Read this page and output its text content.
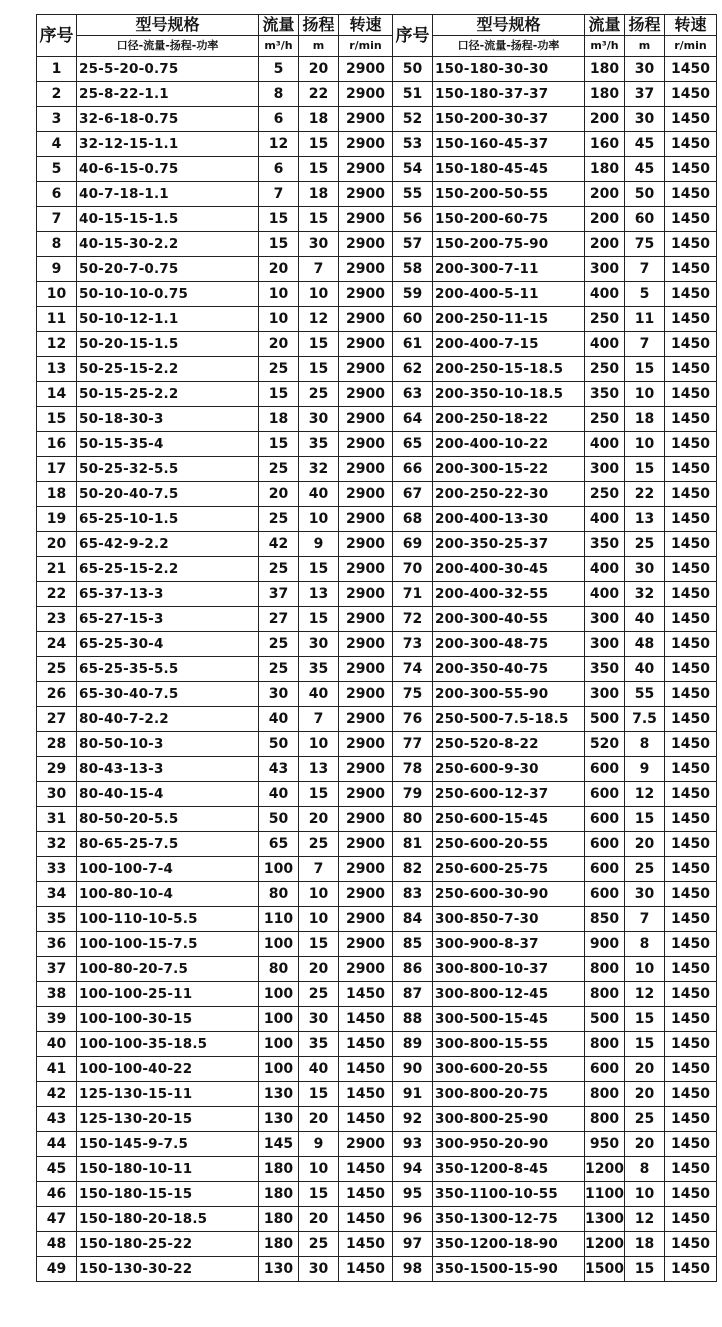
序号	型号规格	流量	扬程	转速	序号	型号规格	流量	扬程	转速
	口径-流量-扬程-功率	m³/h	m	r/min		口径-流量-扬程-功率	m³/h	m	r/min
1	25-5-20-0.75	5	20	2900	50	150-180-30-30	180	30	1450
2	25-8-22-1.1	8	22	2900	51	150-180-37-37	180	37	1450
3	32-6-18-0.75	6	18	2900	52	150-200-30-37	200	30	1450
4	32-12-15-1.1	12	15	2900	53	150-160-45-37	160	45	1450
5	40-6-15-0.75	6	15	2900	54	150-180-45-45	180	45	1450
6	40-7-18-1.1	7	18	2900	55	150-200-50-55	200	50	1450
7	40-15-15-1.5	15	15	2900	56	150-200-60-75	200	60	1450
8	40-15-30-2.2	15	30	2900	57	150-200-75-90	200	75	1450
9	50-20-7-0.75	20	7	2900	58	200-300-7-11	300	7	1450
10	50-10-10-0.75	10	10	2900	59	200-400-5-11	400	5	1450
11	50-10-12-1.1	10	12	2900	60	200-250-11-15	250	11	1450
12	50-20-15-1.5	20	15	2900	61	200-400-7-15	400	7	1450
13	50-25-15-2.2	25	15	2900	62	200-250-15-18.5	250	15	1450
14	50-15-25-2.2	15	25	2900	63	200-350-10-18.5	350	10	1450
15	50-18-30-3	18	30	2900	64	200-250-18-22	250	18	1450
16	50-15-35-4	15	35	2900	65	200-400-10-22	400	10	1450
17	50-25-32-5.5	25	32	2900	66	200-300-15-22	300	15	1450
18	50-20-40-7.5	20	40	2900	67	200-250-22-30	250	22	1450
19	65-25-10-1.5	25	10	2900	68	200-400-13-30	400	13	1450
20	65-42-9-2.2	42	9	2900	69	200-350-25-37	350	25	1450
21	65-25-15-2.2	25	15	2900	70	200-400-30-45	400	30	1450
22	65-37-13-3	37	13	2900	71	200-400-32-55	400	32	1450
23	65-27-15-3	27	15	2900	72	200-300-40-55	300	40	1450
24	65-25-30-4	25	30	2900	73	200-300-48-75	300	48	1450
25	65-25-35-5.5	25	35	2900	74	200-350-40-75	350	40	1450
26	65-30-40-7.5	30	40	2900	75	200-300-55-90	300	55	1450
27	80-40-7-2.2	40	7	2900	76	250-500-7.5-18.5	500	7.5	1450
28	80-50-10-3	50	10	2900	77	250-520-8-22	520	8	1450
29	80-43-13-3	43	13	2900	78	250-600-9-30	600	9	1450
30	80-40-15-4	40	15	2900	79	250-600-12-37	600	12	1450
31	80-50-20-5.5	50	20	2900	80	250-600-15-45	600	15	1450
32	80-65-25-7.5	65	25	2900	81	250-600-20-55	600	20	1450
33	100-100-7-4	100	7	2900	82	250-600-25-75	600	25	1450
34	100-80-10-4	80	10	2900	83	250-600-30-90	600	30	1450
35	100-110-10-5.5	110	10	2900	84	300-850-7-30	850	7	1450
36	100-100-15-7.5	100	15	2900	85	300-900-8-37	900	8	1450
37	100-80-20-7.5	80	20	2900	86	300-800-10-37	800	10	1450
38	100-100-25-11	100	25	1450	87	300-800-12-45	800	12	1450
39	100-100-30-15	100	30	1450	88	300-500-15-45	500	15	1450
40	100-100-35-18.5	100	35	1450	89	300-800-15-55	800	15	1450
41	100-100-40-22	100	40	1450	90	300-600-20-55	600	20	1450
42	125-130-15-11	130	15	1450	91	300-800-20-75	800	20	1450
43	125-130-20-15	130	20	1450	92	300-800-25-90	800	25	1450
44	150-145-9-7.5	145	9	2900	93	300-950-20-90	950	20	1450
45	150-180-10-11	180	10	1450	94	350-1200-8-45	1200	8	1450
46	150-180-15-15	180	15	1450	95	350-1100-10-55	1100	10	1450
47	150-180-20-18.5	180	20	1450	96	350-1300-12-75	1300	12	1450
48	150-180-25-22	180	25	1450	97	350-1200-18-90	1200	18	1450
49	150-130-30-22	130	30	1450	98	350-1500-15-90	1500	15	1450
